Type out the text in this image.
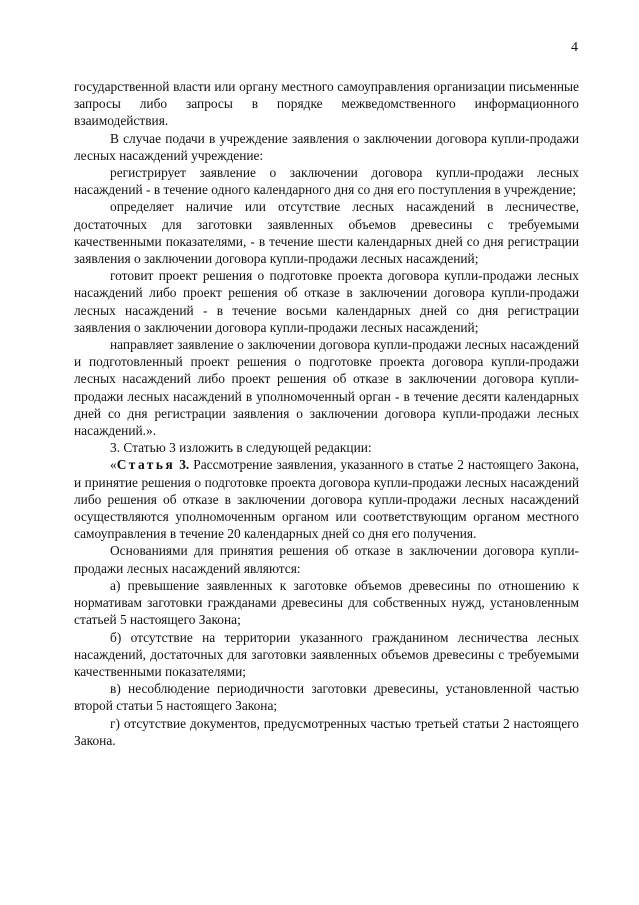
4

государственной власти или органу местного самоуправления организации письменные запросы либо запросы в порядке межведомственного информационного взаимодействия.

В случае подачи в учреждение заявления о заключении договора купли-продажи лесных насаждений учреждение:

регистрирует заявление о заключении договора купли-продажи лесных насаждений - в течение одного календарного дня со дня его поступления в учреждение;

определяет наличие или отсутствие лесных насаждений в лесничестве, достаточных для заготовки заявленных объемов древесины с требуемыми качественными показателями, - в течение шести календарных дней со дня регистрации заявления о заключении договора купли-продажи лесных насаждений;

готовит проект решения о подготовке проекта договора купли-продажи лесных насаждений либо проект решения об отказе в заключении договора купли-продажи лесных насаждений - в течение восьми календарных дней со дня регистрации заявления о заключении договора купли-продажи лесных насаждений;

направляет заявление о заключении договора купли-продажи лесных насаждений и подготовленный проект решения о подготовке проекта договора купли-продажи лесных насаждений либо проект решения об отказе в заключении договора купли-продажи лесных насаждений в уполномоченный орган - в течение десяти календарных дней со дня регистрации заявления о заключении договора купли-продажи лесных насаждений.».

3. Статью 3 изложить в следующей редакции:

«Статья 3. Рассмотрение заявления, указанного в статье 2 настоящего Закона, и принятие решения о подготовке проекта договора купли-продажи лесных насаждений либо решения об отказе в заключении договора купли-продажи лесных насаждений осуществляются уполномоченным органом или соответствующим органом местного самоуправления в течение 20 календарных дней со дня его получения.

Основаниями для принятия решения об отказе в заключении договора купли-продажи лесных насаждений являются:

а) превышение заявленных к заготовке объемов древесины по отношению к нормативам заготовки гражданами древесины для собственных нужд, установленным статьей 5 настоящего Закона;

б) отсутствие на территории указанного гражданином лесничества лесных насаждений, достаточных для заготовки заявленных объемов древесины с требуемыми качественными показателями;

в) несоблюдение периодичности заготовки древесины, установленной частью второй статьи 5 настоящего Закона;

г) отсутствие документов, предусмотренных частью третьей статьи 2 настоящего Закона.
